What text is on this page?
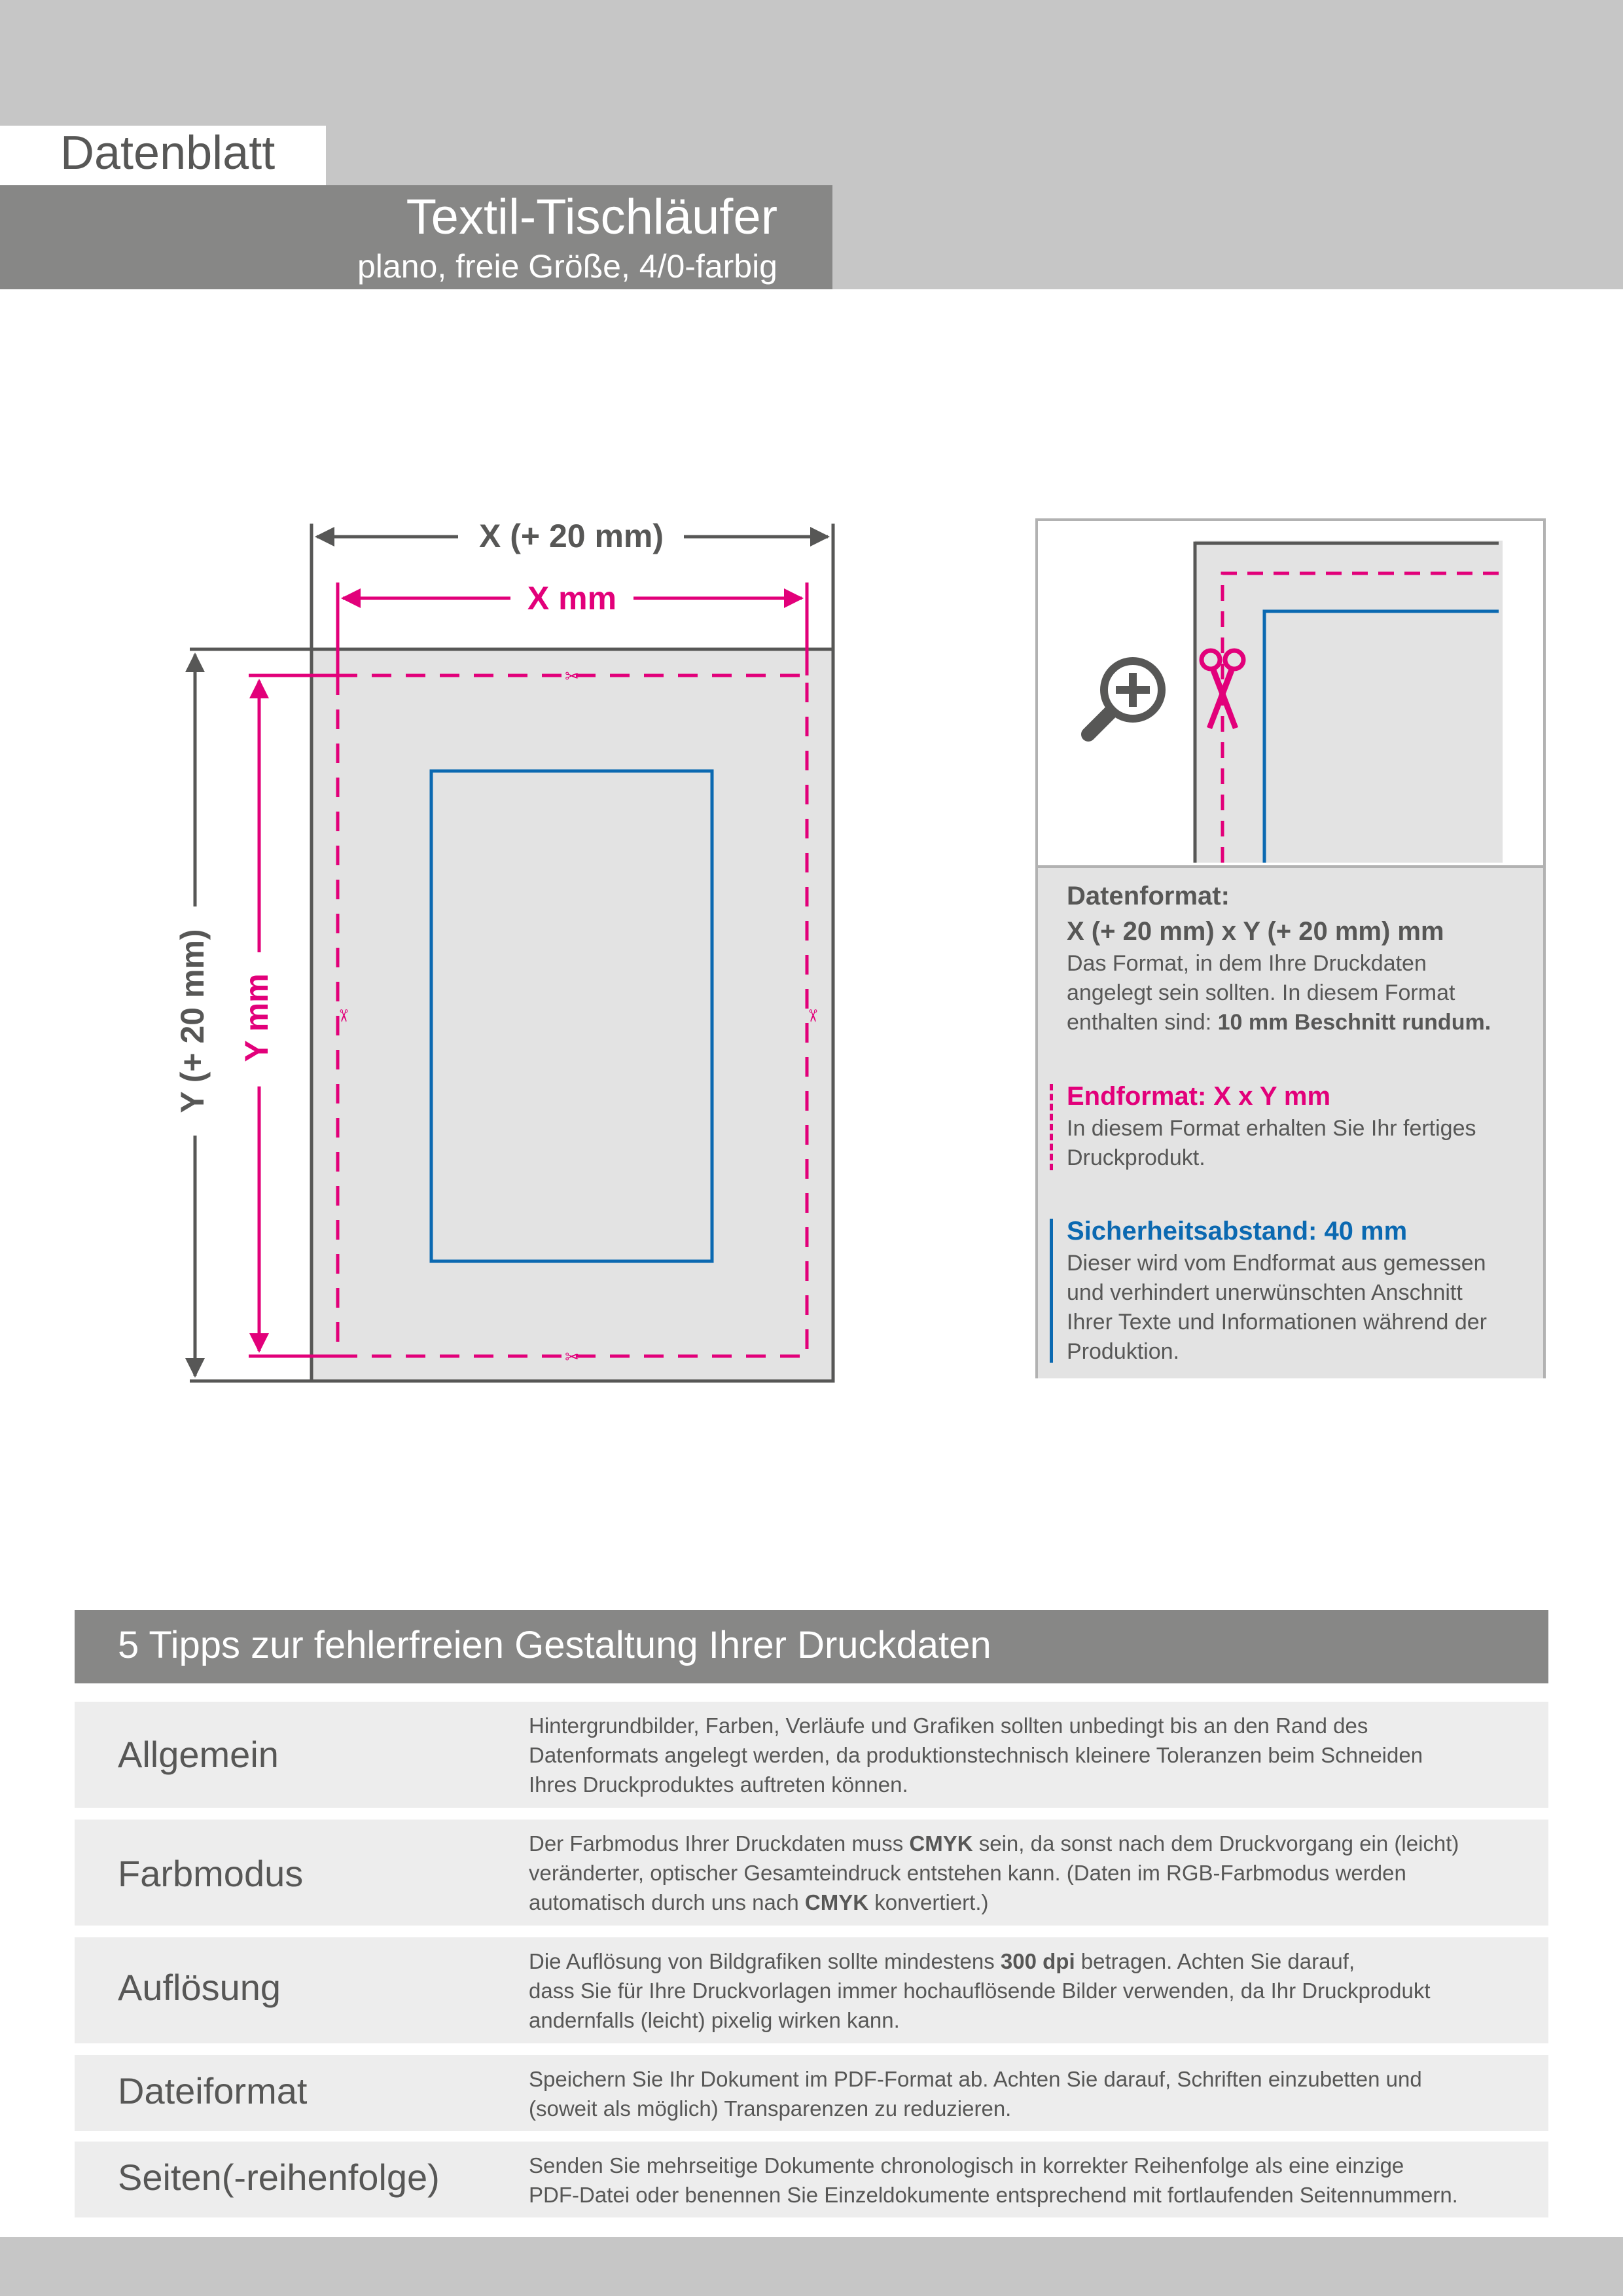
Datenblatt
Textil-Tischläufer
plano, freie Größe, 4/0-farbig
✂
✂
✂	✂
X (+ 20 mm)
X mm
Y (+ 20 mm) Y mm
Datenformat:
X (+ 20 mm) x Y (+ 20 mm) mm
Das Format, in dem Ihre Druckdaten
angelegt sein sollten. In diesem Format
enthalten sind: 10 mm Beschnitt rundum.
Endformat: X x Y mm
In diesem Format erhalten Sie Ihr fertiges
Druckprodukt.
Sicherheitsabstand: 40 mm
Dieser wird vom Endformat aus gemessen
und verhindert unerwünschten Anschnitt
Ihrer Texte und Informationen während der
Produktion.
5 Tipps zur fehlerfreien Gestaltung Ihrer Druckdaten
Allgemein
Hintergrundbilder, Farben, Verläufe und Grafiken sollten unbedingt bis an den Rand des
Datenformats angelegt werden, da produktionstechnisch kleinere Toleranzen beim Schneiden
Ihres Druckproduktes auftreten können.
Farbmodus
Der Farbmodus Ihrer Druckdaten muss CMYK sein, da sonst nach dem Druckvorgang ein (leicht)
veränderter, optischer Gesamteindruck entstehen kann. (Daten im RGB-Farbmodus werden
automatisch durch uns nach CMYK konvertiert.)
Auflösung
Die Auflösung von Bildgrafiken sollte mindestens 300 dpi betragen. Achten Sie darauf,
dass Sie für Ihre Druckvorlagen immer hochauflösende Bilder verwenden, da Ihr Druckprodukt
andernfalls (leicht) pixelig wirken kann.
Dateiformat	Speichern Sie Ihr Dokument im PDF-Format ab. Achten Sie darauf, Schriften einzubetten und
(soweit als möglich) Transparenzen zu reduzieren.
Seiten(-reihenfolge)	Senden Sie mehrseitige Dokumente chronologisch in korrekter Reihenfolge als eine einzige
PDF-Datei oder benennen Sie Einzeldokumente entsprechend mit fortlaufenden Seitennummern.
